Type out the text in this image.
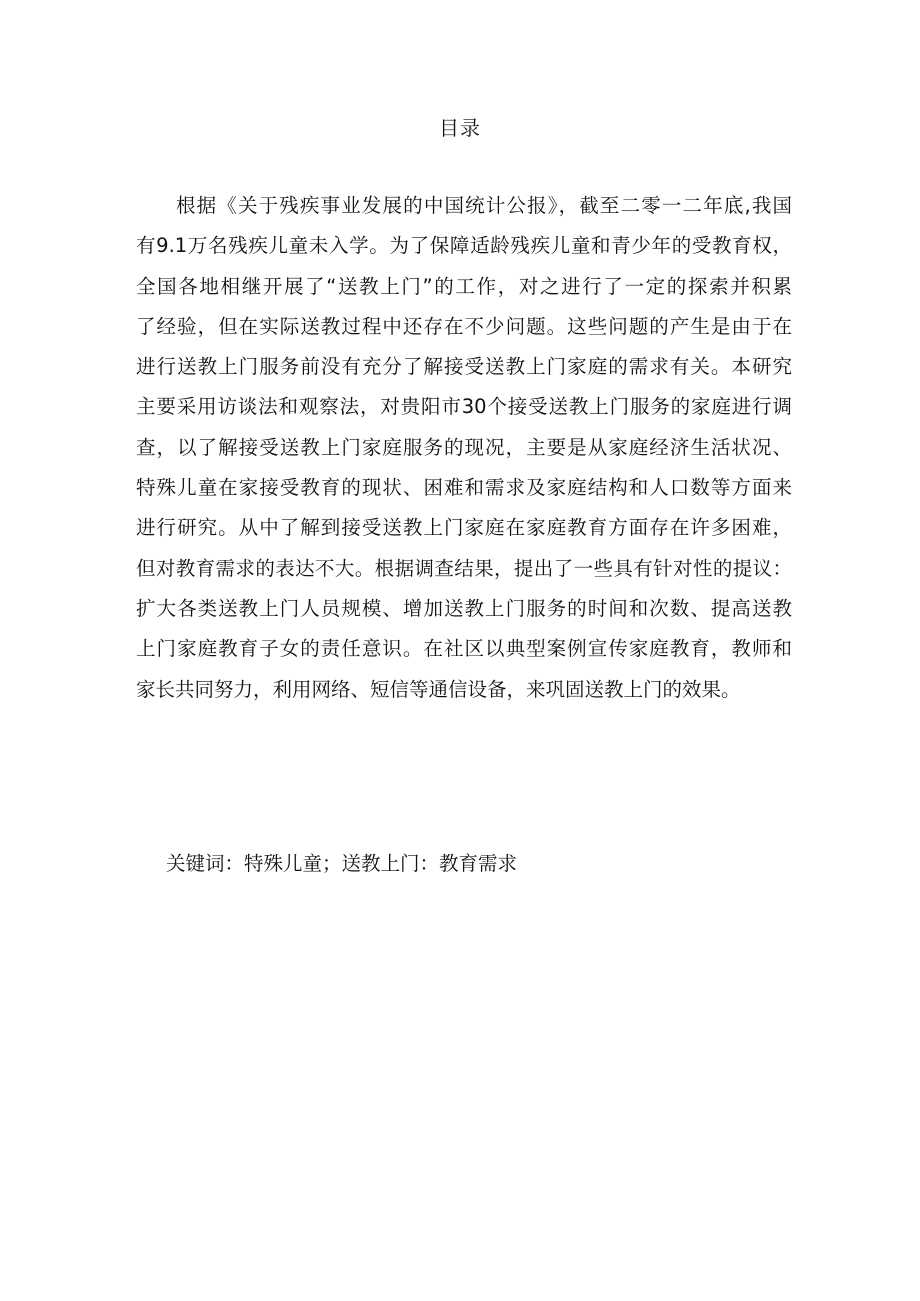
目录
根据《关于残疾事业发展的中国统计公报》，截至二零一二年底,我国
有9.1万名残疾儿童未入学。为了保障适龄残疾儿童和青少年的受教育权，
全国各地相继开展了“送教上门”的工作，对之进行了一定的探索并积累
了经验，但在实际送教过程中还存在不少问题。这些问题的产生是由于在
进行送教上门服务前没有充分了解接受送教上门家庭的需求有关。本研究
主要采用访谈法和观察法，对贵阳市30个接受送教上门服务的家庭进行调
查，以了解接受送教上门家庭服务的现况，主要是从家庭经济生活状况、
特殊儿童在家接受教育的现状、困难和需求及家庭结构和人口数等方面来
进行研究。从中了解到接受送教上门家庭在家庭教育方面存在许多困难，
但对教育需求的表达不大。根据调查结果，提出了一些具有针对性的提议：
扩大各类送教上门人员规模、增加送教上门服务的时间和次数、提高送教
上门家庭教育子女的责任意识。在社区以典型案例宣传家庭教育，教师和
家长共同努力，利用网络、短信等通信设备，来巩固送教上门的效果。
关键词：特殊儿童；送教上门：教育需求
